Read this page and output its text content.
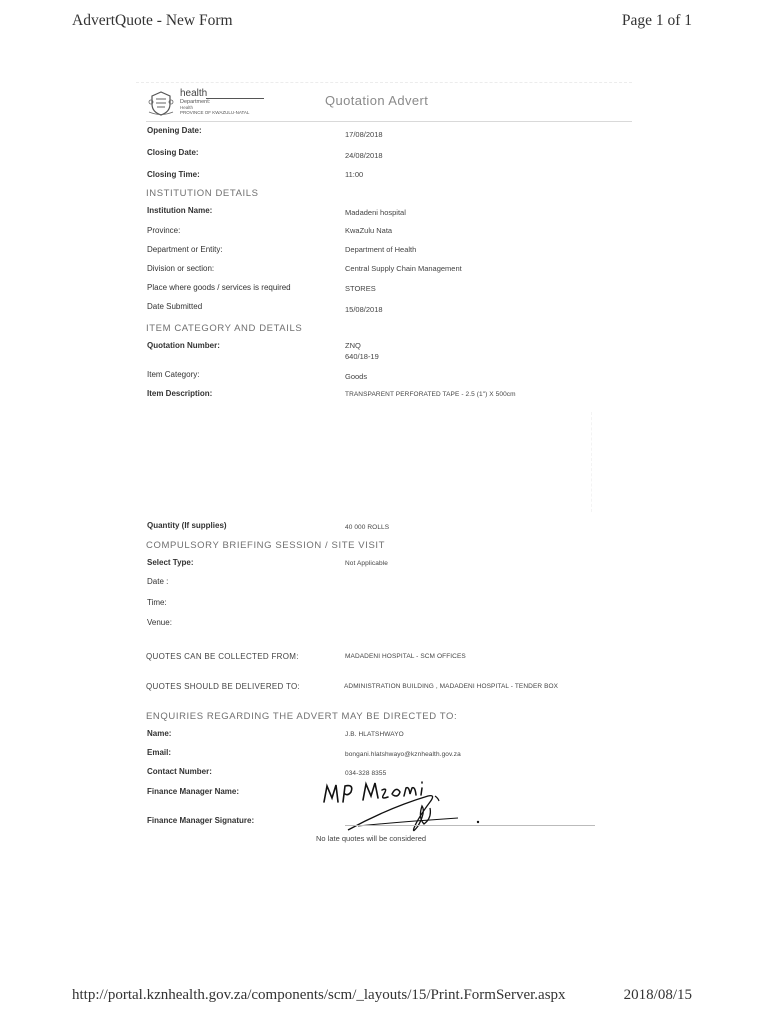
AdvertQuote - New Form	Page 1 of 1
health
Department:
Health
PROVINCE OF KWAZULU-NATAL
Quotation Advert
Opening Date:	17/08/2018
Closing Date:	24/08/2018
Closing Time:	11:00
INSTITUTION DETAILS
Institution Name:	Madadeni hospital
Province:	KwaZulu Nata
Department or Entity:	Department of Health
Division or section:	Central Supply Chain Management
Place where goods / services is required	STORES
Date Submitted	15/08/2018
ITEM CATEGORY AND DETAILS
Quotation Number:	ZNQ
640/18-19
Item Category:	Goods
Item Description:	TRANSPARENT PERFORATED TAPE - 2.5 (1") X 500cm
Quantity (If supplies)	40 000 ROLLS
COMPULSORY BRIEFING SESSION / SITE VISIT
Select Type:	Not Applicable
Date :
Time:
Venue:
QUOTES CAN BE COLLECTED FROM:	MADADENI HOSPITAL - SCM OFFICES
QUOTES SHOULD BE DELIVERED TO:	ADMINISTRATION BUILDING , MADADENI HOSPITAL - TENDER BOX
ENQUIRIES REGARDING THE ADVERT MAY BE DIRECTED TO:
Name:	J.B. HLATSHWAYO
Email:	bongani.hlatshwayo@kznhealth.gov.za
Contact Number:	034-328 8355
Finance Manager Name:
Finance Manager Signature:
No late quotes will be considered
http://portal.kznhealth.gov.za/components/scm/_layouts/15/Print.FormServer.aspx	2018/08/15
